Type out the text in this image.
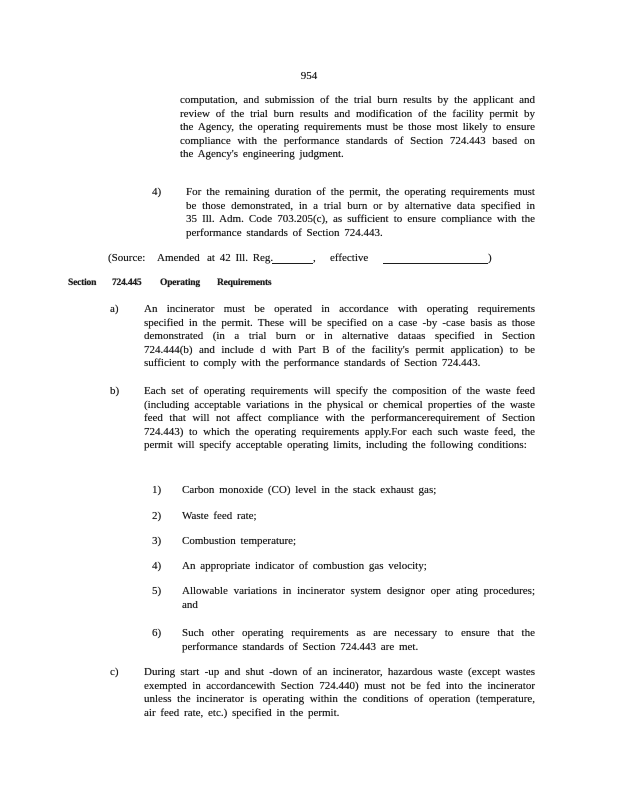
954
computation, and submission of the trial burn results by the applicant and review of the trial burn results and modification of the facility permit by the Agency, the operating requirements must be those most likely to ensure compliance with the performance standards of Section 724.443 based on the Agency's engineering judgment.
4) For the remaining duration of the permit, the operating requirements must be those demonstrated, in a trial burn or by alternative data specified in 35 Ill. Adm. Code 703.205(c), as sufficient to ensure compliance with the performance standards of Section 724.443.
(Source: Amended at 42 Ill. Reg.	, effective	)
Section 724.445 Operating Requirements
a) An incinerator must be operated in accordance with operating requirements specified in the permit. These will be specified on a case -by -case basis as those demonstrated (in a trial burn or in alternative dataas specified in Section 724.444(b) and include d with Part B of the facility's permit application) to be sufficient to comply with the performance standards of Section 724.443.
b) Each set of operating requirements will specify the composition of the waste feed (including acceptable variations in the physical or chemical properties of the waste feed that will not affect compliance with the performancerequirement of Section 724.443) to which the operating requirements apply.For each such waste feed, the permit will specify acceptable operating limits, including the following conditions:
1) Carbon monoxide (CO) level in the stack exhaust gas;
2) Waste feed rate;
3) Combustion temperature;
4) An appropriate indicator of combustion gas velocity;
5) Allowable variations in incinerator system designor oper ating procedures; and
6) Such other operating requirements as are necessary to ensure that the performance standards of Section 724.443 are met.
c) During start -up and shut -down of an incinerator, hazardous waste (except wastes exempted in accordancewith Section 724.440) must not be fed into the incinerator unless the incinerator is operating within the conditions of operation (temperature, air feed rate, etc.) specified in the permit.
